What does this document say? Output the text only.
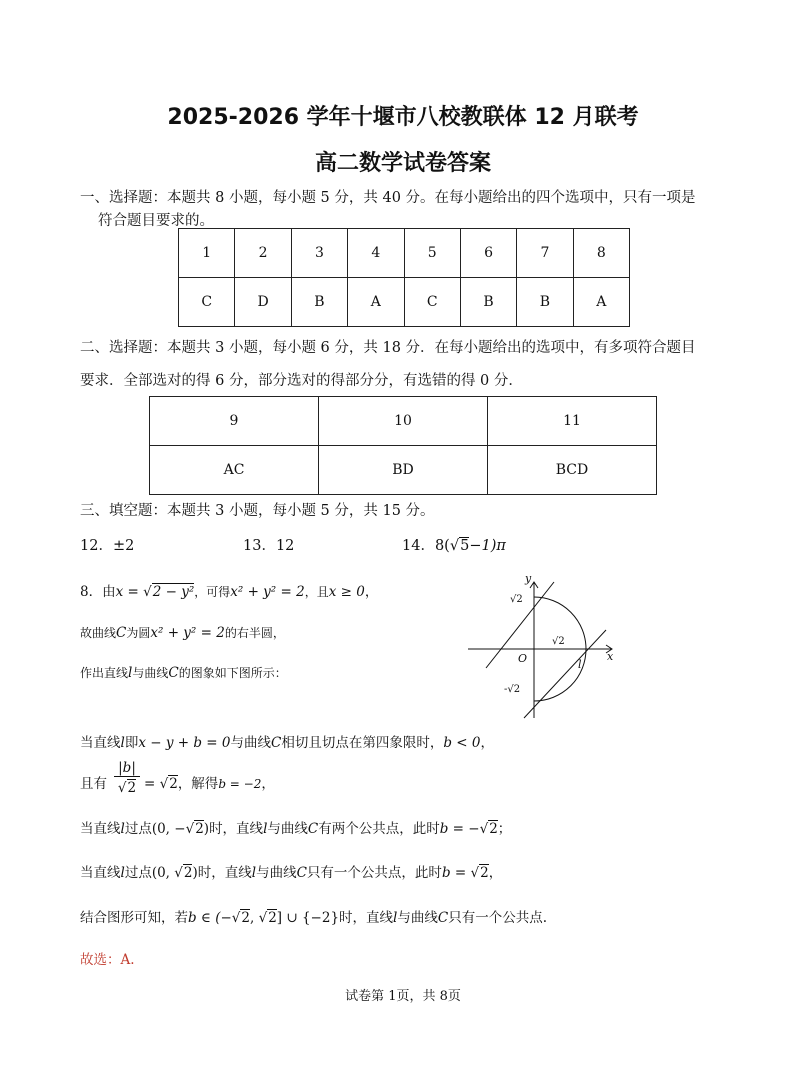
2025-2026 学年十堰市八校教联体 12 月联考
高二数学试卷答案
一、选择题：本题共 8 小题，每小题 5 分，共 40 分。在每小题给出的四个选项中，只有一项是
符合题目要求的。
1	2	3	4	5	6	7	8
C	D	B	A	C	B	B	A
二、选择题：本题共 3 小题，每小题 6 分，共 18 分．在每小题给出的选项中，有多项符合题目
要求．全部选对的得 6 分，部分选对的得部分分，有选错的得 0 分．
9	10	11
AC	BD	BCD
三、填空题：本题共 3 小题，每小题 5 分，共 15 分。
12．±2	13．12	14．8(√5−1)π
8．由x = √2 − y²，可得x² + y² = 2，且x ≥ 0，
故曲线C为圆x² + y² = 2的右半圆，
作出直线l与曲线C的图象如下图所示：
y
x
O
√2
√2
-√2
l
当直线l即x − y + b = 0与曲线C相切且切点在第四象限时，b < 0，
且有
|b|
√2 = √2，解得b = −2，
当直线l过点(0, −√2)时，直线l与曲线C有两个公共点，此时b = −√2；
当直线l过点(0, √2)时，直线l与曲线C只有一个公共点，此时b = √2，
结合图形可知，若b ∈ (−√2, √2] ∪ {−2}时，直线l与曲线C只有一个公共点.
故选：A.
试卷第 1页，共 8页
